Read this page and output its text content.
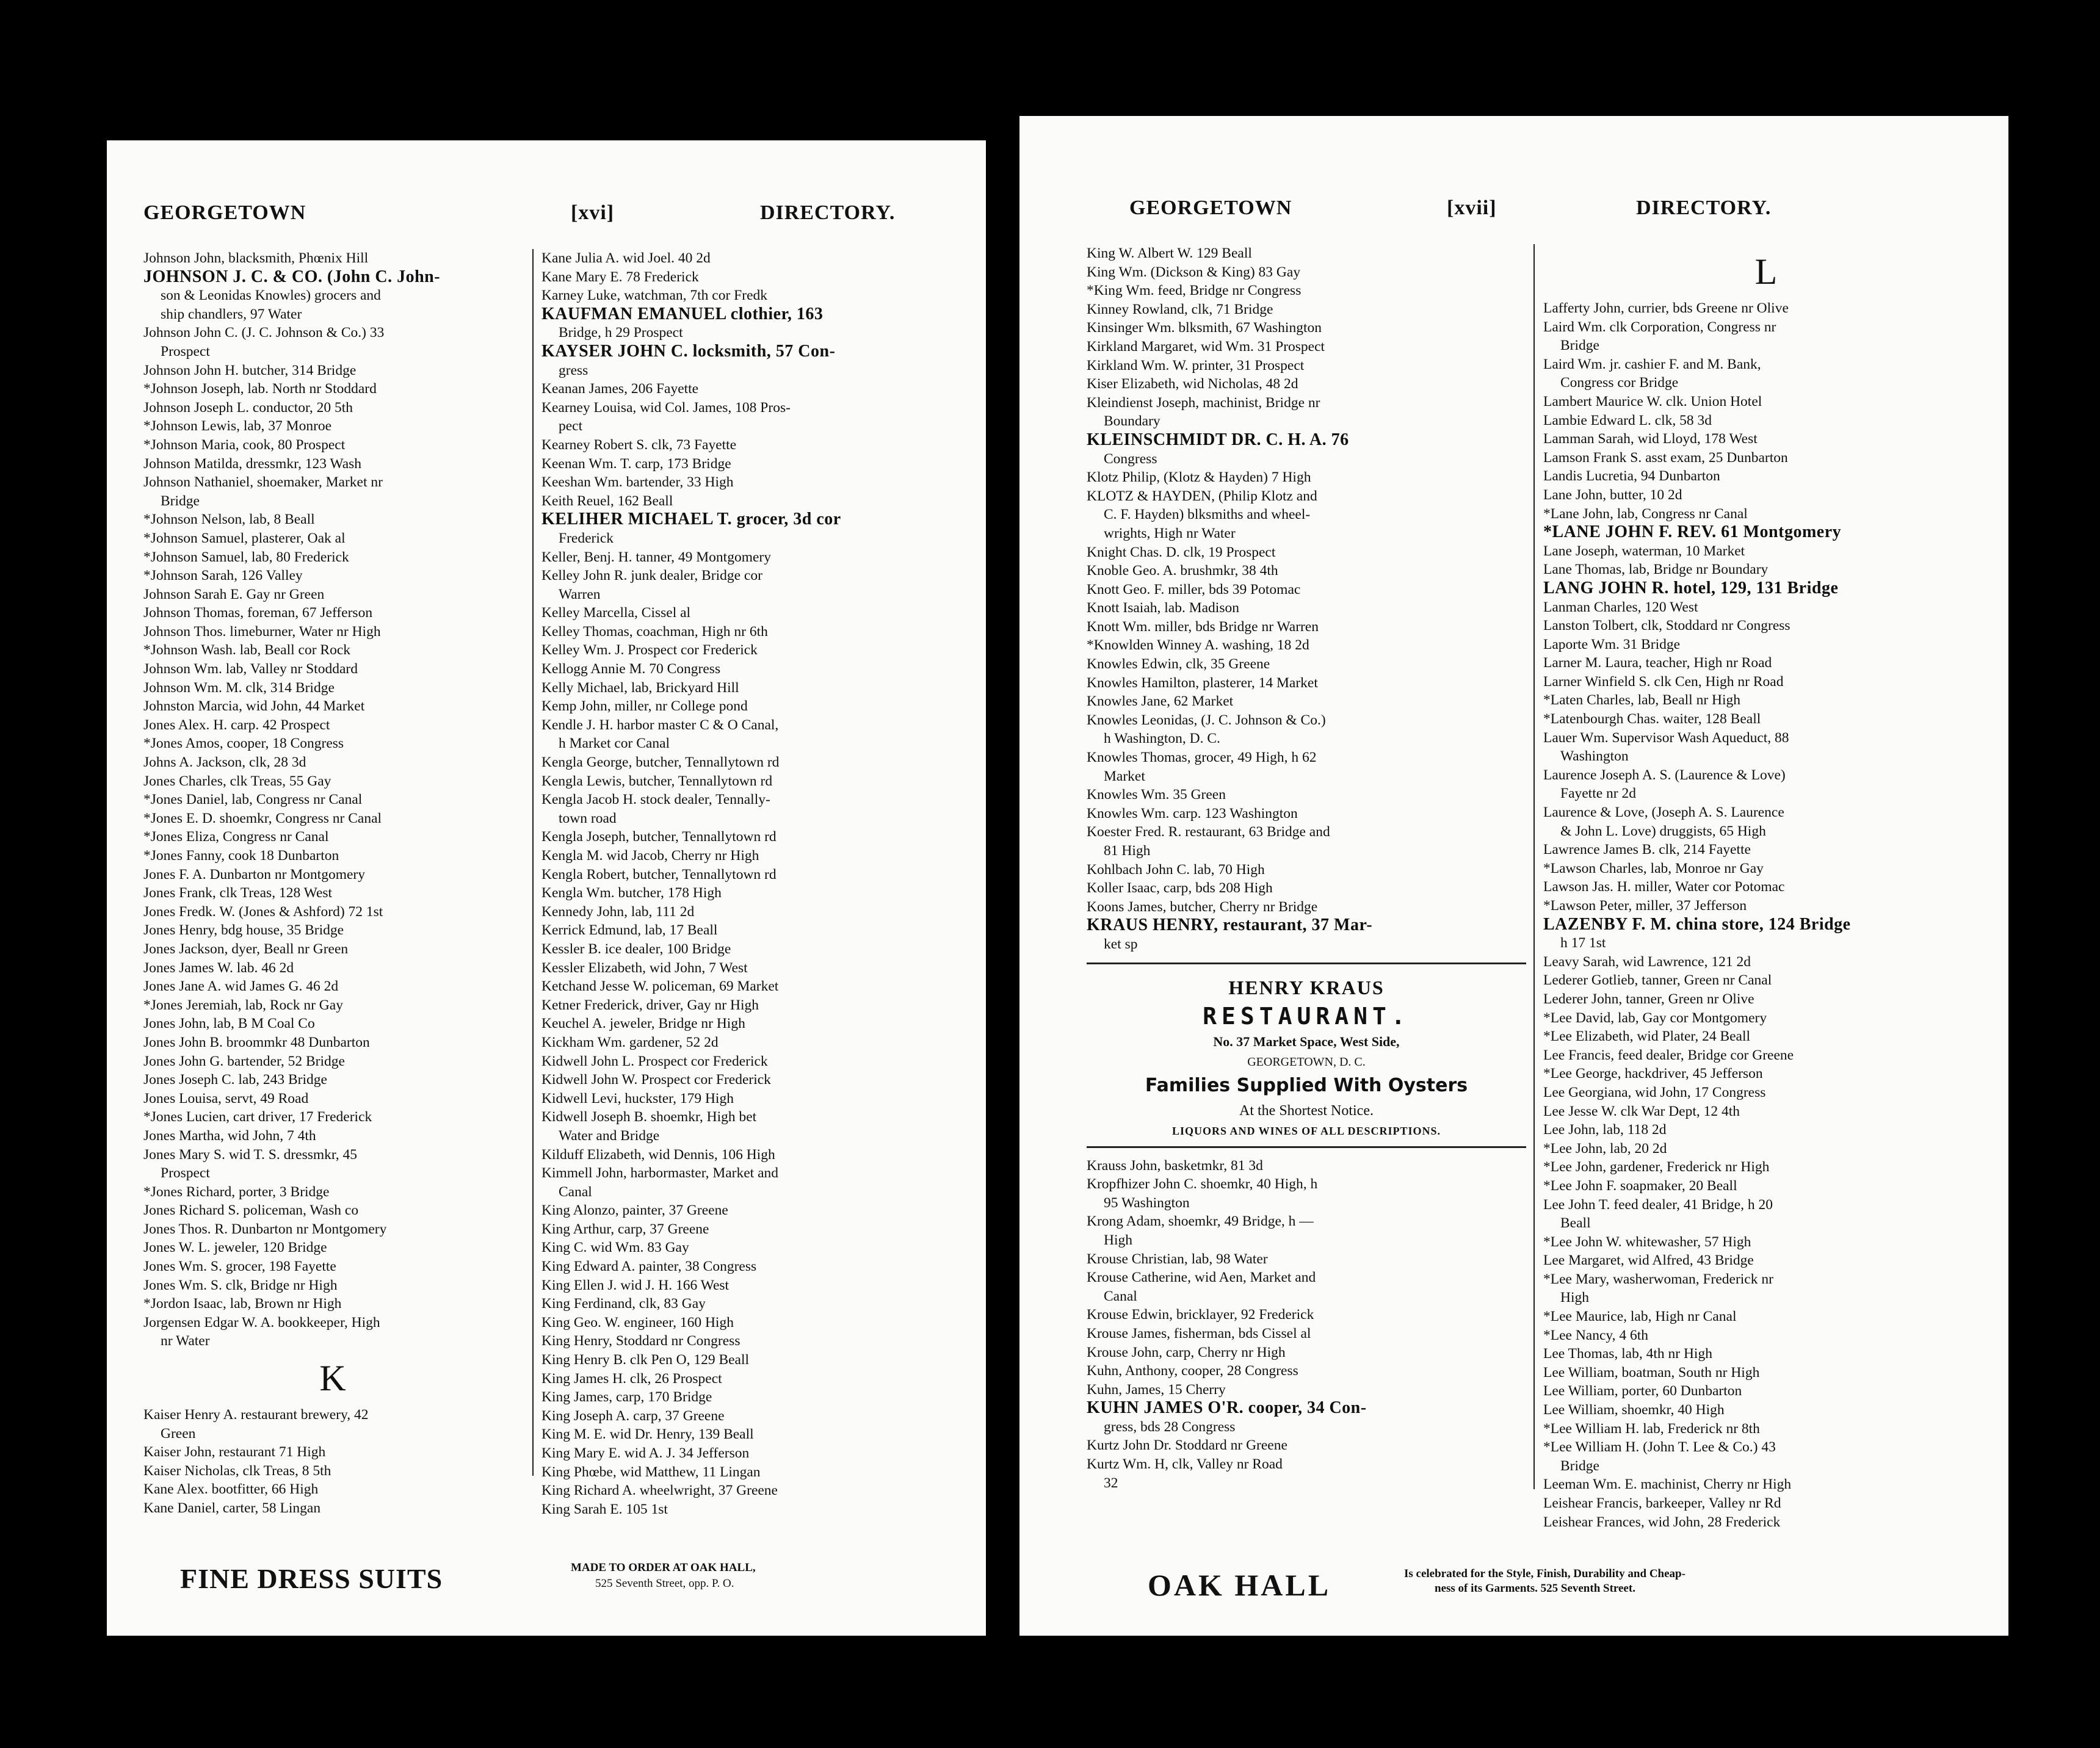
GEORGETOWN	[xvi]	DIRECTORY.
Johnson John, blacksmith, Phœnix Hill
JOHNSON J. C. & CO. (John C. John-
son & Leonidas Knowles) grocers and
ship chandlers, 97 Water
Johnson John C. (J. C. Johnson & Co.) 33
Prospect
Johnson John H. butcher, 314 Bridge
*Johnson Joseph, lab. North nr Stoddard
Johnson Joseph L. conductor, 20 5th
*Johnson Lewis, lab, 37 Monroe
*Johnson Maria, cook, 80 Prospect
Johnson Matilda, dressmkr, 123 Wash
Johnson Nathaniel, shoemaker, Market nr
Bridge
*Johnson Nelson, lab, 8 Beall
*Johnson Samuel, plasterer, Oak al
*Johnson Samuel, lab, 80 Frederick
*Johnson Sarah, 126 Valley
Johnson Sarah E. Gay nr Green
Johnson Thomas, foreman, 67 Jefferson
Johnson Thos. limeburner, Water nr High
*Johnson Wash. lab, Beall cor Rock
Johnson Wm. lab, Valley nr Stoddard
Johnson Wm. M. clk, 314 Bridge
Johnston Marcia, wid John, 44 Market
Jones Alex. H. carp. 42 Prospect
*Jones Amos, cooper, 18 Congress
Johns A. Jackson, clk, 28 3d
Jones Charles, clk Treas, 55 Gay
*Jones Daniel, lab, Congress nr Canal
*Jones E. D. shoemkr, Congress nr Canal
*Jones Eliza, Congress nr Canal
*Jones Fanny, cook 18 Dunbarton
Jones F. A. Dunbarton nr Montgomery
Jones Frank, clk Treas, 128 West
Jones Fredk. W. (Jones & Ashford) 72 1st
Jones Henry, bdg house, 35 Bridge
Jones Jackson, dyer, Beall nr Green
Jones James W. lab. 46 2d
Jones Jane A. wid James G. 46 2d
*Jones Jeremiah, lab, Rock nr Gay
Jones John, lab, B M Coal Co
Jones John B. broommkr 48 Dunbarton
Jones John G. bartender, 52 Bridge
Jones Joseph C. lab, 243 Bridge
Jones Louisa, servt, 49 Road
*Jones Lucien, cart driver, 17 Frederick
Jones Martha, wid John, 7 4th
Jones Mary S. wid T. S. dressmkr, 45
Prospect
*Jones Richard, porter, 3 Bridge
Jones Richard S. policeman, Wash co
Jones Thos. R. Dunbarton nr Montgomery
Jones W. L. jeweler, 120 Bridge
Jones Wm. S. grocer, 198 Fayette
Jones Wm. S. clk, Bridge nr High
*Jordon Isaac, lab, Brown nr High
Jorgensen Edgar W. A. bookkeeper, High
nr Water
K
Kaiser Henry A. restaurant brewery, 42
Green
Kaiser John, restaurant 71 High
Kaiser Nicholas, clk Treas, 8 5th
Kane Alex. bootfitter, 66 High
Kane Daniel, carter, 58 Lingan
Kane Julia A. wid Joel. 40 2d
Kane Mary E. 78 Frederick
Karney Luke, watchman, 7th cor Fredk
KAUFMAN EMANUEL clothier, 163
Bridge, h 29 Prospect
KAYSER JOHN C. locksmith, 57 Con-
gress
Keanan James, 206 Fayette
Kearney Louisa, wid Col. James, 108 Pros-
pect
Kearney Robert S. clk, 73 Fayette
Keenan Wm. T. carp, 173 Bridge
Keeshan Wm. bartender, 33 High
Keith Reuel, 162 Beall
KELIHER MICHAEL T. grocer, 3d cor
Frederick
Keller, Benj. H. tanner, 49 Montgomery
Kelley John R. junk dealer, Bridge cor
Warren
Kelley Marcella, Cissel al
Kelley Thomas, coachman, High nr 6th
Kelley Wm. J. Prospect cor Frederick
Kellogg Annie M. 70 Congress
Kelly Michael, lab, Brickyard Hill
Kemp John, miller, nr College pond
Kendle J. H. harbor master C & O Canal,
h Market cor Canal
Kengla George, butcher, Tennallytown rd
Kengla Lewis, butcher, Tennallytown rd
Kengla Jacob H. stock dealer, Tennally-
town road
Kengla Joseph, butcher, Tennallytown rd
Kengla M. wid Jacob, Cherry nr High
Kengla Robert, butcher, Tennallytown rd
Kengla Wm. butcher, 178 High
Kennedy John, lab, 111 2d
Kerrick Edmund, lab, 17 Beall
Kessler B. ice dealer, 100 Bridge
Kessler Elizabeth, wid John, 7 West
Ketchand Jesse W. policeman, 69 Market
Ketner Frederick, driver, Gay nr High
Keuchel A. jeweler, Bridge nr High
Kickham Wm. gardener, 52 2d
Kidwell John L. Prospect cor Frederick
Kidwell John W. Prospect cor Frederick
Kidwell Levi, huckster, 179 High
Kidwell Joseph B. shoemkr, High bet
Water and Bridge
Kilduff Elizabeth, wid Dennis, 106 High
Kimmell John, harbormaster, Market and
Canal
King Alonzo, painter, 37 Greene
King Arthur, carp, 37 Greene
King C. wid Wm. 83 Gay
King Edward A. painter, 38 Congress
King Ellen J. wid J. H. 166 West
King Ferdinand, clk, 83 Gay
King Geo. W. engineer, 160 High
King Henry, Stoddard nr Congress
King Henry B. clk Pen O, 129 Beall
King James H. clk, 26 Prospect
King James, carp, 170 Bridge
King Joseph A. carp, 37 Greene
King M. E. wid Dr. Henry, 139 Beall
King Mary E. wid A. J. 34 Jefferson
King Phœbe, wid Matthew, 11 Lingan
King Richard A. wheelwright, 37 Greene
King Sarah E. 105 1st
FINE DRESS SUITS	MADE TO ORDER AT OAK HALL,
525 Seventh Street, opp. P. O.
GEORGETOWN	[xvii]	DIRECTORY.
King W. Albert W. 129 Beall
King Wm. (Dickson & King) 83 Gay
*King Wm. feed, Bridge nr Congress
Kinney Rowland, clk, 71 Bridge
Kinsinger Wm. blksmith, 67 Washington
Kirkland Margaret, wid Wm. 31 Prospect
Kirkland Wm. W. printer, 31 Prospect
Kiser Elizabeth, wid Nicholas, 48 2d
Kleindienst Joseph, machinist, Bridge nr
Boundary
KLEINSCHMIDT DR. C. H. A. 76
Congress
Klotz Philip, (Klotz & Hayden) 7 High
KLOTZ & HAYDEN, (Philip Klotz and
C. F. Hayden) blksmiths and wheel-
wrights, High nr Water
Knight Chas. D. clk, 19 Prospect
Knoble Geo. A. brushmkr, 38 4th
Knott Geo. F. miller, bds 39 Potomac
Knott Isaiah, lab. Madison
Knott Wm. miller, bds Bridge nr Warren
*Knowlden Winney A. washing, 18 2d
Knowles Edwin, clk, 35 Greene
Knowles Hamilton, plasterer, 14 Market
Knowles Jane, 62 Market
Knowles Leonidas, (J. C. Johnson & Co.)
h Washington, D. C.
Knowles Thomas, grocer, 49 High, h 62
Market
Knowles Wm. 35 Green
Knowles Wm. carp. 123 Washington
Koester Fred. R. restaurant, 63 Bridge and
81 High
Kohlbach John C. lab, 70 High
Koller Isaac, carp, bds 208 High
Koons James, butcher, Cherry nr Bridge
KRAUS HENRY, restaurant, 37 Mar-
ket sp
HENRY KRAUS
RESTAURANT.
No. 37 Market Space, West Side,
GEORGETOWN, D. C.
Families Supplied With Oysters
At the Shortest Notice.
LIQUORS AND WINES OF ALL DESCRIPTIONS.
Krauss John, basketmkr, 81 3d
Kropfhizer John C. shoemkr, 40 High, h
95 Washington
Krong Adam, shoemkr, 49 Bridge, h —
High
Krouse Christian, lab, 98 Water
Krouse Catherine, wid Aen, Market and
Canal
Krouse Edwin, bricklayer, 92 Frederick
Krouse James, fisherman, bds Cissel al
Krouse John, carp, Cherry nr High
Kuhn, Anthony, cooper, 28 Congress
Kuhn, James, 15 Cherry
KUHN JAMES O'R. cooper, 34 Con-
gress, bds 28 Congress
Kurtz John Dr. Stoddard nr Greene
Kurtz Wm. H, clk, Valley nr Road
32
L
Lafferty John, currier, bds Greene nr Olive
Laird Wm. clk Corporation, Congress nr
Bridge
Laird Wm. jr. cashier F. and M. Bank,
Congress cor Bridge
Lambert Maurice W. clk. Union Hotel
Lambie Edward L. clk, 58 3d
Lamman Sarah, wid Lloyd, 178 West
Lamson Frank S. asst exam, 25 Dunbarton
Landis Lucretia, 94 Dunbarton
Lane John, butter, 10 2d
*Lane John, lab, Congress nr Canal
*LANE JOHN F. REV. 61 Montgomery
Lane Joseph, waterman, 10 Market
Lane Thomas, lab, Bridge nr Boundary
LANG JOHN R. hotel, 129, 131 Bridge
Lanman Charles, 120 West
Lanston Tolbert, clk, Stoddard nr Congress
Laporte Wm. 31 Bridge
Larner M. Laura, teacher, High nr Road
Larner Winfield S. clk Cen, High nr Road
*Laten Charles, lab, Beall nr High
*Latenbourgh Chas. waiter, 128 Beall
Lauer Wm. Supervisor Wash Aqueduct, 88
Washington
Laurence Joseph A. S. (Laurence & Love)
Fayette nr 2d
Laurence & Love, (Joseph A. S. Laurence
& John L. Love) druggists, 65 High
Lawrence James B. clk, 214 Fayette
*Lawson Charles, lab, Monroe nr Gay
Lawson Jas. H. miller, Water cor Potomac
*Lawson Peter, miller, 37 Jefferson
LAZENBY F. M. china store, 124 Bridge
h 17 1st
Leavy Sarah, wid Lawrence, 121 2d
Lederer Gotlieb, tanner, Green nr Canal
Lederer John, tanner, Green nr Olive
*Lee David, lab, Gay cor Montgomery
*Lee Elizabeth, wid Plater, 24 Beall
Lee Francis, feed dealer, Bridge cor Greene
*Lee George, hackdriver, 45 Jefferson
Lee Georgiana, wid John, 17 Congress
Lee Jesse W. clk War Dept, 12 4th
Lee John, lab, 118 2d
*Lee John, lab, 20 2d
*Lee John, gardener, Frederick nr High
*Lee John F. soapmaker, 20 Beall
Lee John T. feed dealer, 41 Bridge, h 20
Beall
*Lee John W. whitewasher, 57 High
Lee Margaret, wid Alfred, 43 Bridge
*Lee Mary, washerwoman, Frederick nr
High
*Lee Maurice, lab, High nr Canal
*Lee Nancy, 4 6th
Lee Thomas, lab, 4th nr High
Lee William, boatman, South nr High
Lee William, porter, 60 Dunbarton
Lee William, shoemkr, 40 High
*Lee William H. lab, Frederick nr 8th
*Lee William H. (John T. Lee & Co.) 43
Bridge
Leeman Wm. E. machinist, Cherry nr High
Leishear Francis, barkeeper, Valley nr Rd
Leishear Frances, wid John, 28 Frederick
OAK HALL	Is celebrated for the Style, Finish, Durability and Cheap-
ness of its Garments. 525 Seventh Street.
